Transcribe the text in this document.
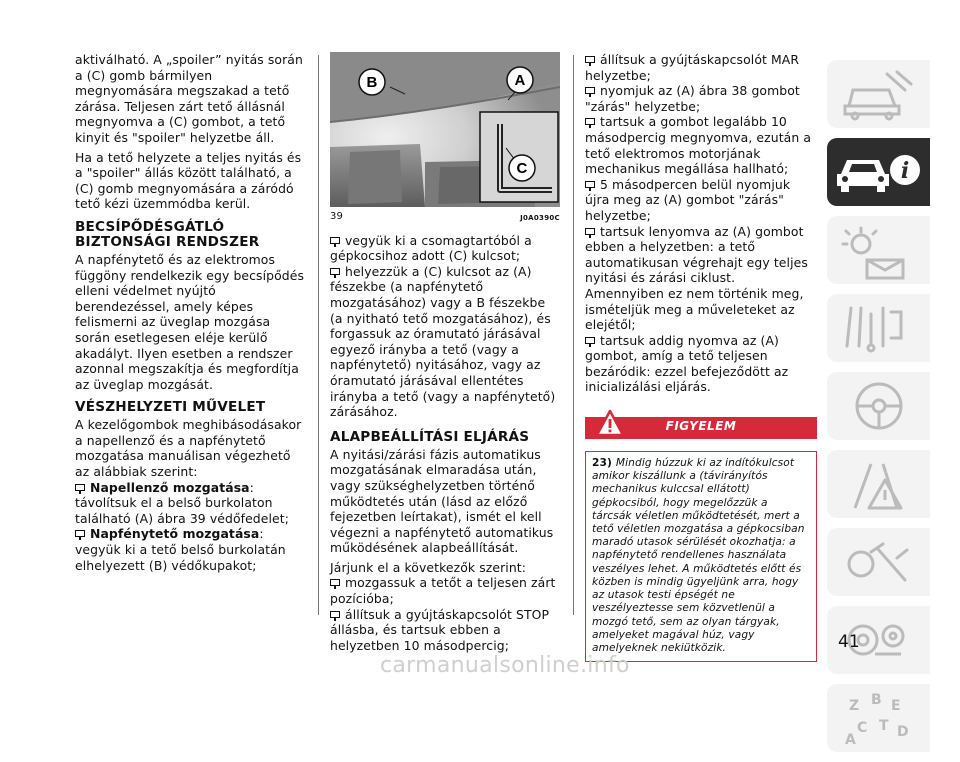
aktiválható. A „spoiler” nyitás során a (C) gomb bármilyen megnyomására megszakad a tető zárása. Teljesen zárt tető állásnál megnyomva a (C) gombot, a tető kinyit és "spoiler" helyzetbe áll.

Ha a tető helyzete a teljes nyitás és a "spoiler" állás között található, a (C) gomb megnyomására a záródó tető kézi üzemmódba kerül.

BECSÍPŐDÉSGÁTLÓ BIZTONSÁGI RENDSZER

A napfénytető és az elektromos függöny rendelkezik egy becsípődés elleni védelmet nyújtó berendezéssel, amely képes felismerni az üveglap mozgása során esetlegesen eléje kerülő akadályt. Ilyen esetben a rendszer azonnal megszakítja és megfordítja az üveglap mozgását.

VÉSZHELYZETI MŰVELET

A kezelőgombok meghibásodásakor a napellenző és a napfénytető mozgatása manuálisan végezhető az alábbiak szerint:

Napellenző mozgatása: távolítsuk el a belső burkolaton található (A) ábra 39 védőfedelet;

Napfénytető mozgatása: vegyük ki a tető belső burkolatán elhelyezett (B) védőkupakot;

B	A
C
39	J0A0390C

vegyük ki a csomagtartóból a gépkocsihoz adott (C) kulcsot;

helyezzük a (C) kulcsot az (A) fészekbe (a napfénytető mozgatásához) vagy a B fészekbe (a nyitható tető mozgatásához), és forgassuk az óramutató járásával egyező irányba a tető (vagy a napfénytető) nyitásához, vagy az óramutató járásával ellentétes irányba a tető (vagy a napfénytető) zárásához.

ALAPBEÁLLÍTÁSI ELJÁRÁS

A nyitási/zárási fázis automatikus mozgatásának elmaradása után, vagy szükséghelyzetben történő működtetés után (lásd az előző fejezetben leírtakat), ismét el kell végezni a napfénytető automatikus működésének alapbeállítását.

Járjunk el a következők szerint:

mozgassuk a tetőt a teljesen zárt pozícióba;

állítsuk a gyújtáskapcsolót STOP állásba, és tartsuk ebben a helyzetben 10 másodpercig;

állítsuk a gyújtáskapcsolót MAR helyzetbe;

nyomjuk az (A) ábra 38 gombot "zárás" helyzetbe;

tartsuk a gombot legalább 10 másodpercig megnyomva, ezután a tető elektromos motorjának mechanikus megállása hallható;

5 másodpercen belül nyomjuk újra meg az (A) gombot "zárás" helyzetbe;

tartsuk lenyomva az (A) gombot ebben a helyzetben: a tető automatikusan végrehajt egy teljes nyitási és zárási ciklust. Amennyiben ez nem történik meg, ismételjük meg a műveleteket az elejétől;

tartsuk addig nyomva az (A) gombot, amíg a tető teljesen bezáródik: ezzel befejeződött az inicializálási eljárás.

FIGYELEM
23) Mindig húzzuk ki az indítókulcsot amikor kiszállunk a (távirányítós mechanikus kulccsal ellátott) gépkocsiból, hogy megelőzzük a tárcsák véletlen működtetését, mert a tető véletlen mozgatása a gépkocsiban maradó utasok sérülését okozhatja: a napfénytető rendellenes használata veszélyes lehet. A működtetés előtt és közben is mindig ügyeljünk arra, hogy az utasok testi épségét ne veszélyeztesse sem közvetlenül a mozgó tető, sem az olyan tárgyak, amelyeket magával húz, vagy amelyeknek nekiütközik.
i
Z B E
C T D
A
41
carmanualsonline.info
